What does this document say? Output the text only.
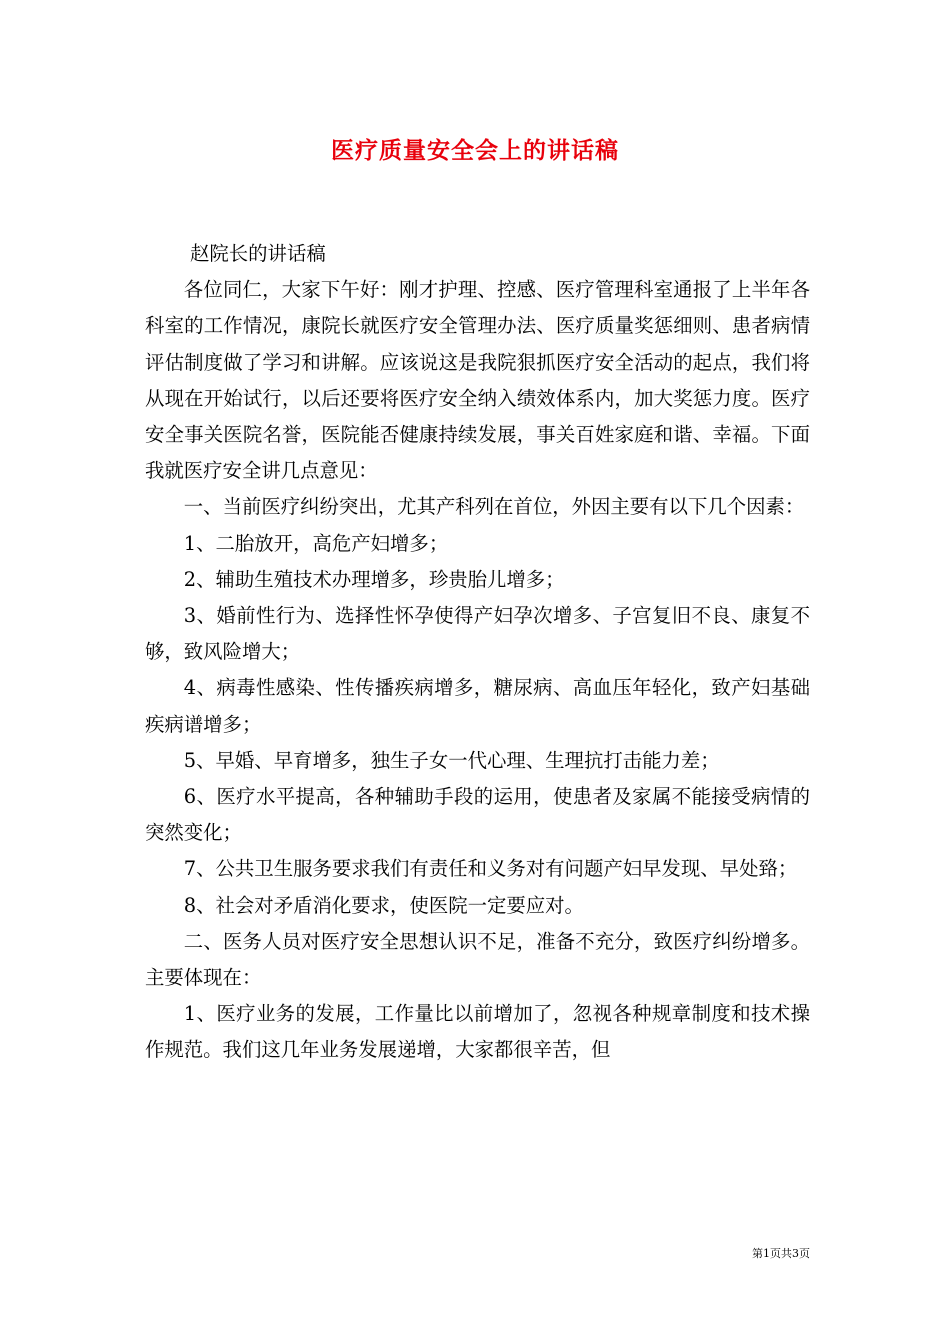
医疗质量安全会上的讲话稿

赵院长的讲话稿

各位同仁，大家下午好：刚才护理、控感、医疗管理科室通报了上半年各科室的工作情况，康院长就医疗安全管理办法、医疗质量奖惩细则、患者病情评估制度做了学习和讲解。应该说这是我院狠抓医疗安全活动的起点，我们将从现在开始试行，以后还要将医疗安全纳入绩效体系内，加大奖惩力度。医疗安全事关医院名誉，医院能否健康持续发展，事关百姓家庭和谐、幸福。下面我就医疗安全讲几点意见：

一、当前医疗纠纷突出，尤其产科列在首位，外因主要有以下几个因素：

1、二胎放开，高危产妇增多；

2、辅助生殖技术办理增多，珍贵胎儿增多；

3、婚前性行为、选择性怀孕使得产妇孕次增多、子宫复旧不良、康复不够，致风险增大；

4、病毒性感染、性传播疾病增多，糖尿病、高血压年轻化，致产妇基础疾病谱增多；

5、早婚、早育增多，独生子女一代心理、生理抗打击能力差；

6、医疗水平提高，各种辅助手段的运用，使患者及家属不能接受病情的突然变化；

7、公共卫生服务要求我们有责任和义务对有问题产妇早发现、早处臵；

8、社会对矛盾消化要求，使医院一定要应对。

二、医务人员对医疗安全思想认识不足，准备不充分，致医疗纠纷增多。主要体现在：

1、医疗业务的发展，工作量比以前增加了，忽视各种规章制度和技术操作规范。我们这几年业务发展递增，大家都很辛苦，但

第1页共3页
